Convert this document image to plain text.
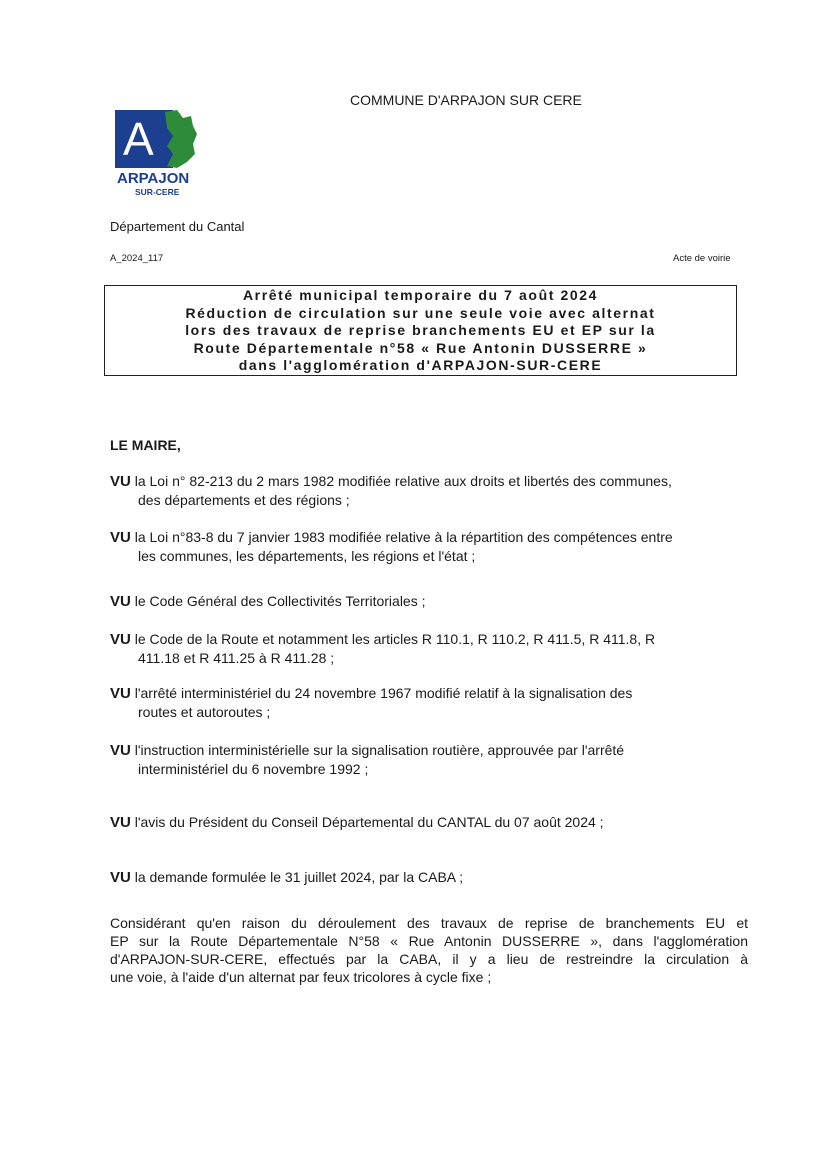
COMMUNE D'ARPAJON SUR CERE
A
ARPAJON
SUR-CERE
Département du Cantal
A_2024_117	Acte de voirie
Arrêté municipal temporaire du 7 août 2024
Réduction de circulation sur une seule voie avec alternat
lors des travaux de reprise branchements EU et EP sur la
Route Départementale n°58 « Rue Antonin DUSSERRE »
dans l'agglomération d'ARPAJON-SUR-CERE
LE MAIRE,
VU la Loi n° 82-213 du 2 mars 1982 modifiée relative aux droits et libertés des communes,
des départements et des régions ;
VU la Loi n°83-8 du 7 janvier 1983 modifiée relative à la répartition des compétences entre
les communes, les départements, les régions et l'état ;
VU le Code Général des Collectivités Territoriales ;
VU le Code de la Route et notamment les articles R 110.1, R 110.2, R 411.5, R 411.8, R
411.18 et R 411.25 à R 411.28 ;
VU l'arrêté interministériel du 24 novembre 1967 modifié relatif à la signalisation des
routes et autoroutes ;
VU l'instruction interministérielle sur la signalisation routière, approuvée par l'arrêté
interministériel du 6 novembre 1992 ;
VU l'avis du Président du Conseil Départemental du CANTAL du 07 août 2024 ;
VU la demande formulée le 31 juillet 2024, par la CABA ;
Considérant qu'en raison du déroulement des travaux de reprise de branchements EU et
EP sur la Route Départementale N°58 « Rue Antonin DUSSERRE », dans l'agglomération
d'ARPAJON-SUR-CERE, effectués par la CABA, il y a lieu de restreindre la circulation à
une voie, à l'aide d'un alternat par feux tricolores à cycle fixe ;
